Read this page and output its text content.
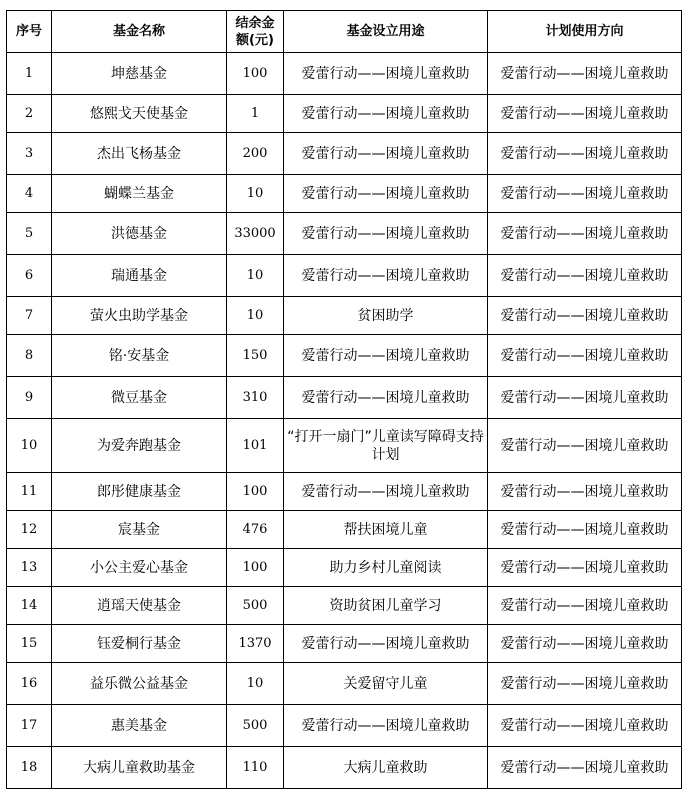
序号	基金名称	结余金额(元)	基金设立用途	计划使用方向
1	坤慈基金	100	爱蕾行动——困境儿童救助	爱蕾行动——困境儿童救助
2	悠熙戈天使基金	1	爱蕾行动——困境儿童救助	爱蕾行动——困境儿童救助
3	杰出飞杨基金	200	爱蕾行动——困境儿童救助	爱蕾行动——困境儿童救助
4	蝴蝶兰基金	10	爱蕾行动——困境儿童救助	爱蕾行动——困境儿童救助
5	洪德基金	33000	爱蕾行动——困境儿童救助	爱蕾行动——困境儿童救助
6	瑞通基金	10	爱蕾行动——困境儿童救助	爱蕾行动——困境儿童救助
7	萤火虫助学基金	10	贫困助学	爱蕾行动——困境儿童救助
8	铭·安基金	150	爱蕾行动——困境儿童救助	爱蕾行动——困境儿童救助
9	微豆基金	310	爱蕾行动——困境儿童救助	爱蕾行动——困境儿童救助
10	为爱奔跑基金	101	“打开一扇门”儿童读写障碍支持计划	爱蕾行动——困境儿童救助
11	郎彤健康基金	100	爱蕾行动——困境儿童救助	爱蕾行动——困境儿童救助
12	宸基金	476	帮扶困境儿童	爱蕾行动——困境儿童救助
13	小公主爱心基金	100	助力乡村儿童阅读	爱蕾行动——困境儿童救助
14	逍瑶天使基金	500	资助贫困儿童学习	爱蕾行动——困境儿童救助
15	钰爱桐行基金	1370	爱蕾行动——困境儿童救助	爱蕾行动——困境儿童救助
16	益乐微公益基金	10	关爱留守儿童	爱蕾行动——困境儿童救助
17	惠美基金	500	爱蕾行动——困境儿童救助	爱蕾行动——困境儿童救助
18	大病儿童救助基金	110	大病儿童救助	爱蕾行动——困境儿童救助
